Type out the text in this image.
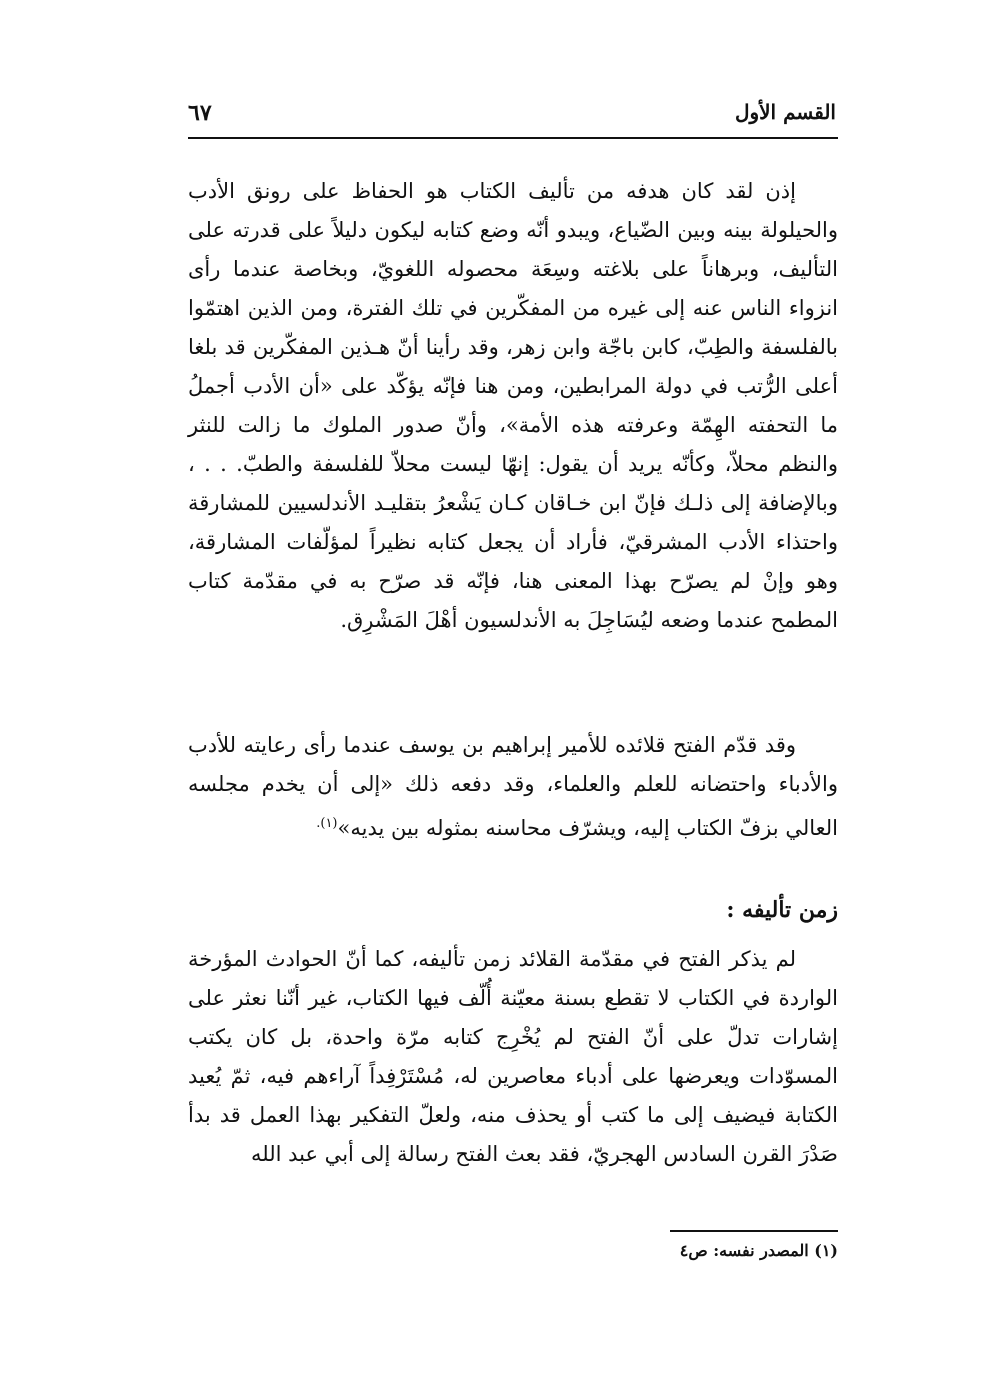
القسم الأول
٦٧

إذن لقد كان هدفه من تأليف الكتاب هو الحفاظ على رونق الأدب والحيلولة بينه وبين الضّياع، ويبدو أنّه وضع كتابه ليكون دليلاً على قدرته على التأليف، وبرهاناً على بلاغته وسِعَة محصوله اللغويّ، وبخاصة عندما رأى انزواء الناس عنه إلى غيره من المفكّرين في تلك الفترة، ومن الذين اهتمّوا بالفلسفة والطِبّ، كابن باجّة وابن زهر، وقد رأينا أنّ هـذين المفكّرين قد بلغا أعلى الرُّتب في دولة المرابطين، ومن هنا فإنّه يؤكّد على «أن الأدب أجملُ ما التحفته الهِمّة وعرفته هذه الأمة»، وأنّ صدور الملوك ما زالت للنثر والنظم محلاّ، وكأنّه يريد أن يقول: إنهّا ليست محلاّ للفلسفة والطبّ. . . ، وبالإضافة إلى ذلـك فإنّ ابن خـاقان كـان يَشْعرُ بتقليـد الأندلسيين للمشارقة واحتذاء الأدب المشرقيّ، فأراد أن يجعل كتابه نظيراً لمؤلّفات المشارقة، وهو وإنْ لم يصرّح بهذا المعنى هنا، فإنّه قد صرّح به في مقدّمة كتاب المطمح عندما وضعه ليُسَاجِلَ به الأندلسيون أهْلَ المَشْرِق.

وقد قدّم الفتح قلائده للأمير إبراهيم بن يوسف عندما رأى رعايته للأدب والأدباء واحتضانه للعلم والعلماء، وقد دفعه ذلك «إلى أن يخدم مجلسه العالي بزفّ الكتاب إليه، ويشرّف محاسنه بمثوله بين يديه»$^{(١).}$

زمن تأليفه :

لم يذكر الفتح في مقدّمة القلائد زمن تأليفه، كما أنّ الحوادث المؤرخة الواردة في الكتاب لا تقطع بسنة معيّنة أُلّف فيها الكتاب، غير أنّنا نعثر على إشارات تدلّ على أنّ الفتح لم يُخْرِج كتابه مرّة واحدة، بل كان يكتب المسوّدات ويعرضها على أدباء معاصرين له، مُسْتَرْفِداً آراءهم فيه، ثمّ يُعيد الكتابة فيضيف إلى ما كتب أو يحذف منه، ولعلّ التفكير بهذا العمل قد بدأ صَدْرَ القرن السادس الهجريّ، فقد بعث الفتح رسالة إلى أبي عبد الله

(١) المصدر نفسه: ص٤
